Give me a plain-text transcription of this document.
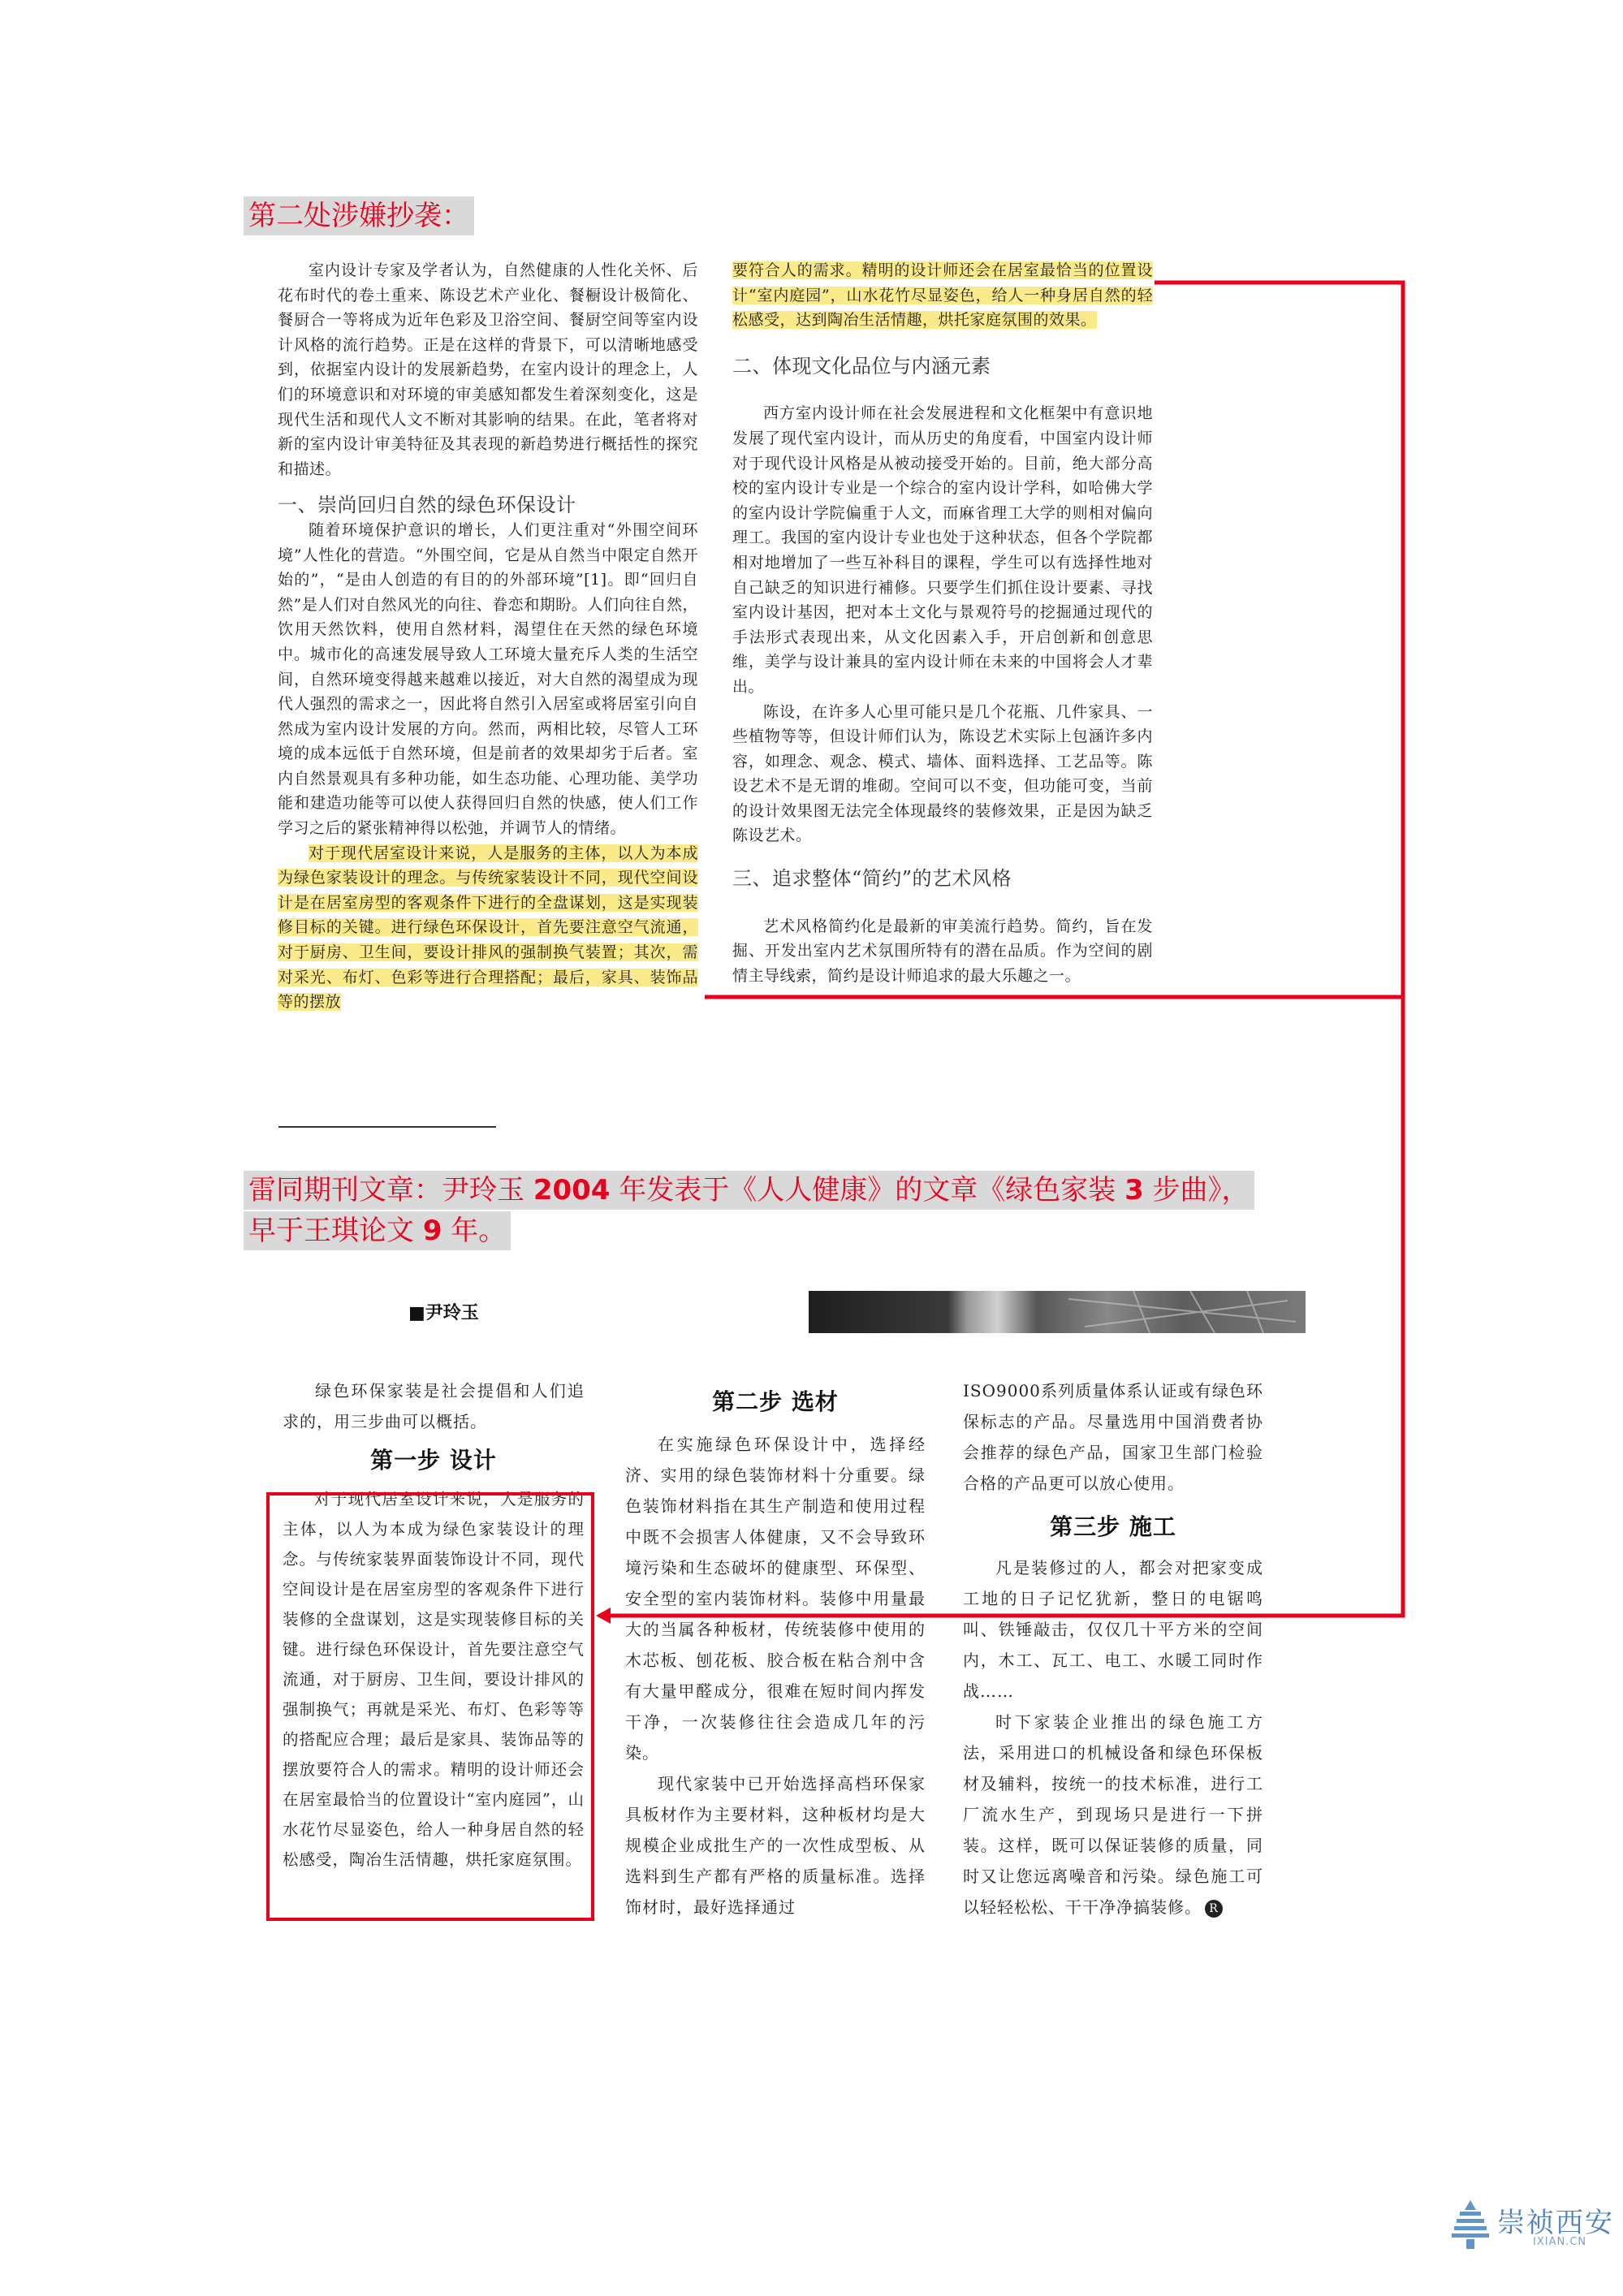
第二处涉嫌抄袭：

室内设计专家及学者认为，自然健康的人性化关怀、后花布时代的卷土重来、陈设艺术产业化、餐橱设计极简化、餐厨合一等将成为近年色彩及卫浴空间、餐厨空间等室内设计风格的流行趋势。正是在这样的背景下，可以清晰地感受到，依据室内设计的发展新趋势，在室内设计的理念上，人们的环境意识和对环境的审美感知都发生着深刻变化，这是现代生活和现代人文不断对其影响的结果。在此，笔者将对新的室内设计审美特征及其表现的新趋势进行概括性的探究和描述。

一、崇尚回归自然的绿色环保设计

随着环境保护意识的增长，人们更注重对“外围空间环境”人性化的营造。“外围空间，它是从自然当中限定自然开始的”，“是由人创造的有目的的外部环境”[1]。即“回归自然”是人们对自然风光的向往、眷恋和期盼。人们向往自然，饮用天然饮料，使用自然材料，渴望住在天然的绿色环境中。城市化的高速发展导致人工环境大量充斥人类的生活空间，自然环境变得越来越难以接近，对大自然的渴望成为现代人强烈的需求之一，因此将自然引入居室或将居室引向自然成为室内设计发展的方向。然而，两相比较，尽管人工环境的成本远低于自然环境，但是前者的效果却劣于后者。室内自然景观具有多种功能，如生态功能、心理功能、美学功能和建造功能等可以使人获得回归自然的快感，使人们工作学习之后的紧张精神得以松弛，并调节人的情绪。

对于现代居室设计来说，人是服务的主体，以人为本成为绿色家装设计的理念。与传统家装设计不同，现代空间设计是在居室房型的客观条件下进行的全盘谋划，这是实现装修目标的关键。进行绿色环保设计，首先要注意空气流通，对于厨房、卫生间，要设计排风的强制换气装置；其次，需对采光、布灯、色彩等进行合理搭配；最后，家具、装饰品等的摆放

要符合人的需求。精明的设计师还会在居室最恰当的位置设计“室内庭园”，山水花竹尽显姿色，给人一种身居自然的轻松感受，达到陶冶生活情趣，烘托家庭氛围的效果。

二、体现文化品位与内涵元素

西方室内设计师在社会发展进程和文化框架中有意识地发展了现代室内设计，而从历史的角度看，中国室内设计师对于现代设计风格是从被动接受开始的。目前，绝大部分高校的室内设计专业是一个综合的室内设计学科，如哈佛大学的室内设计学院偏重于人文，而麻省理工大学的则相对偏向理工。我国的室内设计专业也处于这种状态，但各个学院都相对地增加了一些互补科目的课程，学生可以有选择性地对自己缺乏的知识进行補修。只要学生们抓住设计要素、寻找室内设计基因，把对本土文化与景观符号的挖掘通过现代的手法形式表现出来，从文化因素入手，开启创新和创意思维，美学与设计兼具的室内设计师在未来的中国将会人才辈出。

陈设，在许多人心里可能只是几个花瓶、几件家具、一些植物等等，但设计师们认为，陈设艺术实际上包涵许多内容，如理念、观念、模式、墙体、面料选择、工艺品等。陈设艺术不是无谓的堆砌。空间可以不变，但功能可变，当前的设计效果图无法完全体现最终的装修效果，正是因为缺乏陈设艺术。

三、追求整体“简约”的艺术风格

艺术风格简约化是最新的审美流行趋势。简约，旨在发掘、开发出室内艺术氛围所特有的潜在品质。作为空间的剧情主导线索，简约是设计师追求的最大乐趣之一。

雷同期刊文章：尹玲玉 2004 年发表于《人人健康》的文章《绿色家装 3 步曲》，
早于王琪论文 9 年。
■尹玲玉

绿色环保家装是社会提倡和人们追求的，用三步曲可以概括。

第一步 设计

对于现代居室设计来说，人是服务的主体，以人为本成为绿色家装设计的理念。与传统家装界面装饰设计不同，现代空间设计是在居室房型的客观条件下进行装修的全盘谋划，这是实现装修目标的关键。进行绿色环保设计，首先要注意空气流通，对于厨房、卫生间，要设计排风的强制换气；再就是采光、布灯、色彩等等的搭配应合理；最后是家具、装饰品等的摆放要符合人的需求。精明的设计师还会在居室最恰当的位置设计“室内庭园”，山水花竹尽显姿色，给人一种身居自然的轻松感受，陶冶生活情趣，烘托家庭氛围。

第二步 选材

在实施绿色环保设计中，选择经济、实用的绿色装饰材料十分重要。绿色装饰材料指在其生产制造和使用过程中既不会损害人体健康，又不会导致环境污染和生态破坏的健康型、环保型、安全型的室内装饰材料。装修中用量最大的当属各种板材，传统装修中使用的木芯板、刨花板、胶合板在粘合剂中含有大量甲醛成分，很难在短时间内挥发干净，一次装修往往会造成几年的污染。

现代家装中已开始选择高档环保家具板材作为主要材料，这种板材均是大规模企业成批生产的一次性成型板、从选料到生产都有严格的质量标准。选择饰材时，最好选择通过

ISO9000系列质量体系认证或有绿色环保标志的产品。尽量选用中国消费者协会推荐的绿色产品，国家卫生部门检验合格的产品更可以放心使用。

第三步 施工

凡是装修过的人，都会对把家变成工地的日子记忆犹新，整日的电锯鸣叫、铁锤敲击，仅仅几十平方米的空间内，木工、瓦工、电工、水暖工同时作战……

时下家装企业推出的绿色施工方法，采用进口的机械设备和绿色环保板材及辅料，按统一的技术标准，进行工厂流水生产，到现场只是进行一下拼装。这样，既可以保证装修的质量，同时又让您远离噪音和污染。绿色施工可以轻轻松松、干干净净搞装修。 R

崇祯西安
IXIAN.CN
